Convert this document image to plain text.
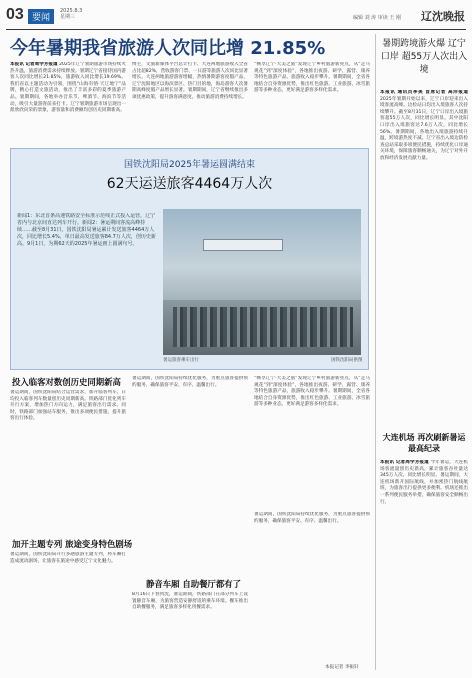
03 要闻
2025.8.3
星期三	编辑 刘 涛 审读 王 刚 辽沈晚报
今年暑期我省旅游人次同比增 21.85%
本报讯 记者周学芳报道 2025年辽宁暑期旅游市场持续火热升温，旅游消费需求持续释放。暑期辽宁省接待国内游客人次同比增长21.85%，旅游收入同比增长19.69%。我们省以主题活动为引领，围绕“山海有情·天辽地宁”品牌，精心打造文旅活动，推出了丰富多彩的夏季旅游产品。暑期期间，各地举办音乐节、啤酒节、海滨节等活动，吸引大量游客前来打卡。辽宁暑期旅游市场呈现出一派欣欣向荣的景象，游客量和消费额均创历史同期新高。
博主，文旅新媒体平台总计打卡、大连两地旅游收入全省占比超82%，营收游客门票、一日游等旅游人次同比显著增长。大连两地旅游游客增幅，热情暑期游客度假产品，辽宁沈阳地区以海滨景区、热门目的地，海岛游客人次暑期高峰度假产品增长显著。暑期期间，辽宁省继续推出多项优惠政策，提升游客满意度，推动旅游消费持续增长。
“畅享辽宁·大美之旅”发现辽宁乡村旅游新亮点，从“走马观花”到“深度体验”，各地推出夜游、研学、露营、康养等特色旅游产品，旅游收入稳步攀升。暑期期间，全省各地结合自身资源优势，推出红色旅游、工业旅游、冰雪旅游等多种业态，更好满足游客多样化需求。
国铁沈阳局2025年暑运圆满结束
62天运送旅客4464万人次
新闻1：东北首条高速铁路安全标准示范线正式投入运营，辽宁省内与北京间直达列车开行。新闻2：暑运期间客流高峰持续……截至8月31日，国铁沈阳局暑运累计发送旅客4464万人次，同比增长5.4%，单日最高发送旅客84.7万人次，创历史新高。9月1日，为期62天的2025年暑运画上圆满句号。
暑运旅客乘车出行	国铁沈阳局供图
暑期跨境游火爆 辽宁口岸 超55万人次出入境
本报讯 通讯员李美 首席记者 高洋报道 2025年暑期开始以来，辽宁口岸迎来出入境客流高峰。边检站日均出入境旅客人次持续攀升。截至8月31日，辽宁口岸出入境旅客超55万人次，同比增长明显。其中沈阳口岸出入境旅客达7.6万人次，同比增长56%。暑期期间，各地出入境旅游持续升温，跨境游热度不减。辽宁省出入境边防检查总站采取多项便民措施，持续优化口岸通关环境，保障旅客顺畅通关，为辽宁对外开放和经济发展贡献力量。
大连机场 再次刷新暑运最高纪录
本报讯 记者周学芳报道 今年暑运，大连机场客流量创历史新高，累计旅客吞吐量达345万人次，同比增长明显。暑运期间，大连机场新开国际航线，并加密热门航线航班，为旅客出行提供更多便利。机场还推出一系列便民服务举措，确保旅客安全顺畅出行。
投入临客对数创历史同期新高
暑运期间，国铁沈阳局结合运营需求，加开临客列车，日均投入临客列车数量创历史同期新高。铁路部门优化列车开行方案，增加热门方向运力，满足旅客出行需求。同时，铁路部门加强站车服务，推出多项便民措施，提升旅客出行体验。
暑运期间，国铁沈阳局持续优化服务，为重点旅客提供预约服务，确保旅客平安、有序、温馨出行。
“畅享辽宁·大美之旅”发现辽宁乡村旅游新亮点，从“走马观花”到“深度体验”，各地推出夜游、研学、露营、康养等特色旅游产品，旅游收入稳步攀升。暑期期间，全省各地结合自身资源优势，推出红色旅游、工业旅游、冰雪旅游等多种业态，更好满足游客多样化需求。
加开主题专列 旅途变身特色剧场
暑运期间，国铁沈阳局开行多趟旅游主题专列，将车厢打造成流动剧场，让旅客在旅途中感受辽宁文化魅力。
静音车厢 自助餐厅都有了
8月16日下春到沈，暑运期间，铁路部门在部分列车上设置静音车厢，为旅客营造安静舒适的乘车环境。餐车推出自助餐服务，满足旅客多样化用餐需求。
暑运期间，国铁沈阳局持续优化服务，为重点旅客提供预约服务，确保旅客平安、有序、温馨出行。
本报记者 李振轩
